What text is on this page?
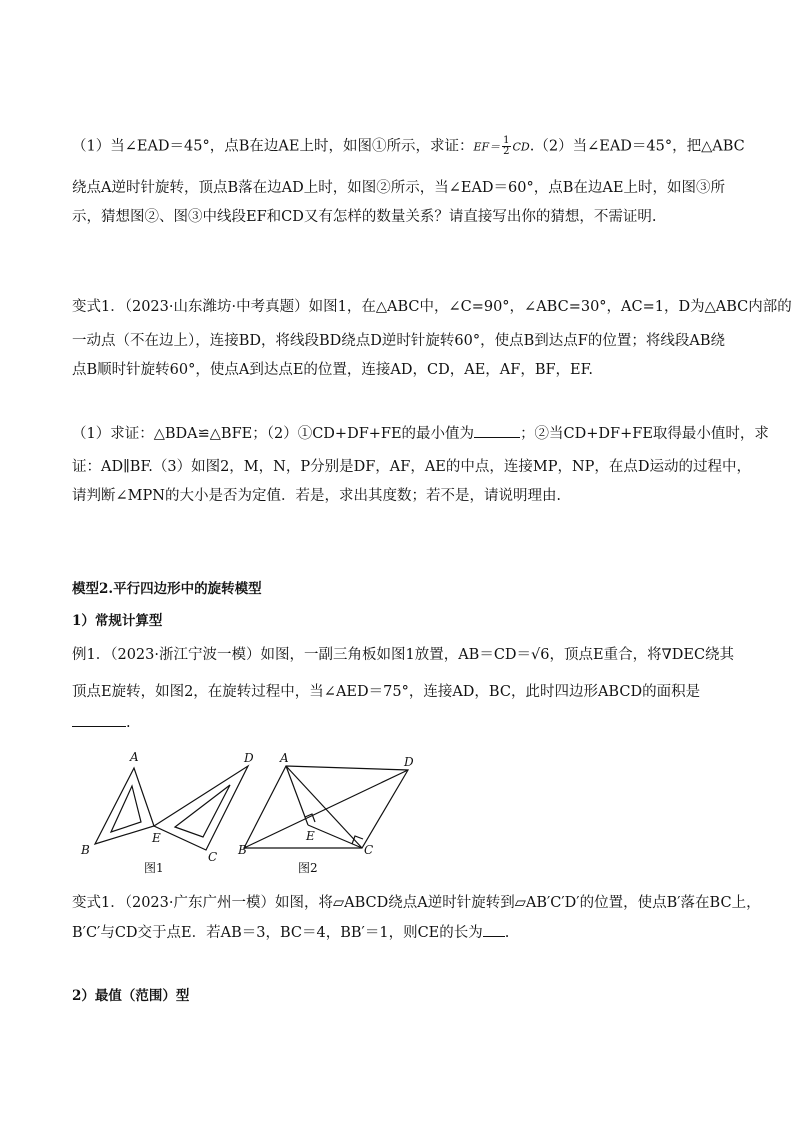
（1）当∠EAD＝45°，点B在边AE上时，如图①所示，求证：$EF= \frac{1}{2} CD.(2)$当∠EAD＝45°，把△ABC
绕点A逆时针旋转，顶点B落在边AD上时，如图②所示，当∠EAD＝60°，点B在边AE上时，如图③所
示，猜想图②、图③中线段EF和CD又有怎样的数量关系？请直接写出你的猜想，不需证明.
变式1．（2023·山东潍坊·中考真题）如图1，在△ABC中，∠C=90°，∠ABC=30°，AC=1，D为△ABC内部的
一动点（不在边上），连接BD，将线段BD绕点D逆时针旋转60°，使点B到达点F的位置；将线段AB绕
点B顺时针旋转60°，使点A到达点E的位置，连接AD，CD，AE，AF，BF，EF.
（1）求证：△BDA≌△BFE；（2）①CD+DF+FE的最小值为	；②当CD+DF+FE取得最小值时，求
证：AD∥BF.（3）如图2，M，N，P分别是DF，AF，AE的中点，连接MP，NP，在点D运动的过程中，
请判断∠MPN的大小是否为定值．若是，求出其度数；若不是，请说明理由.
模型2.平行四边形中的旋转模型
1）常规计算型
例1．（2023·浙江宁波一模）如图，一副三角板如图1放置，AB＝CD＝√6，顶点E重合，将∇DEC绕其
顶点E旋转，如图2，在旋转过程中，当∠AED＝75°，连接AD，BC，此时四边形ABCD的面积是
.
A	D
E
B	C
A	D
E
B	C
图1	图2
变式1．（2023·广东广州一模）如图，将▱ABCD绕点A逆时针旋转到▱AB′C′D′的位置，使点B′落在BC上，
B′C′与CD交于点E．若AB＝3，BC＝4，BB′＝1，则CE的长为 .
2）最值（范围）型
